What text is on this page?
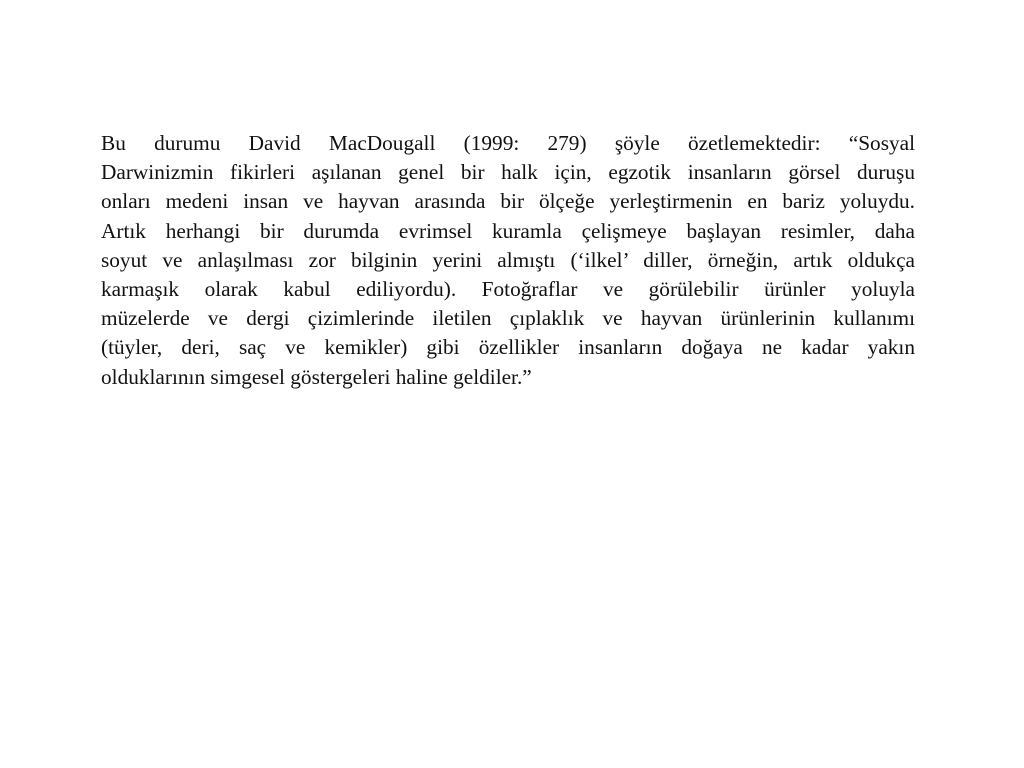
Bu durumu David MacDougall (1999: 279) şöyle özetlemektedir: “Sosyal
Darwinizmin fikirleri aşılanan genel bir halk için, egzotik insanların görsel duruşu
onları medeni insan ve hayvan arasında bir ölçeğe yerleştirmenin en bariz yoluydu.
Artık herhangi bir durumda evrimsel kuramla çelişmeye başlayan resimler, daha
soyut ve anlaşılması zor bilginin yerini almıştı (‘ilkel’ diller, örneğin, artık oldukça
karmaşık olarak kabul ediliyordu). Fotoğraflar ve görülebilir ürünler yoluyla
müzelerde ve dergi çizimlerinde iletilen çıplaklık ve hayvan ürünlerinin kullanımı
(tüyler, deri, saç ve kemikler) gibi özellikler insanların doğaya ne kadar yakın
olduklarının simgesel göstergeleri haline geldiler.”
